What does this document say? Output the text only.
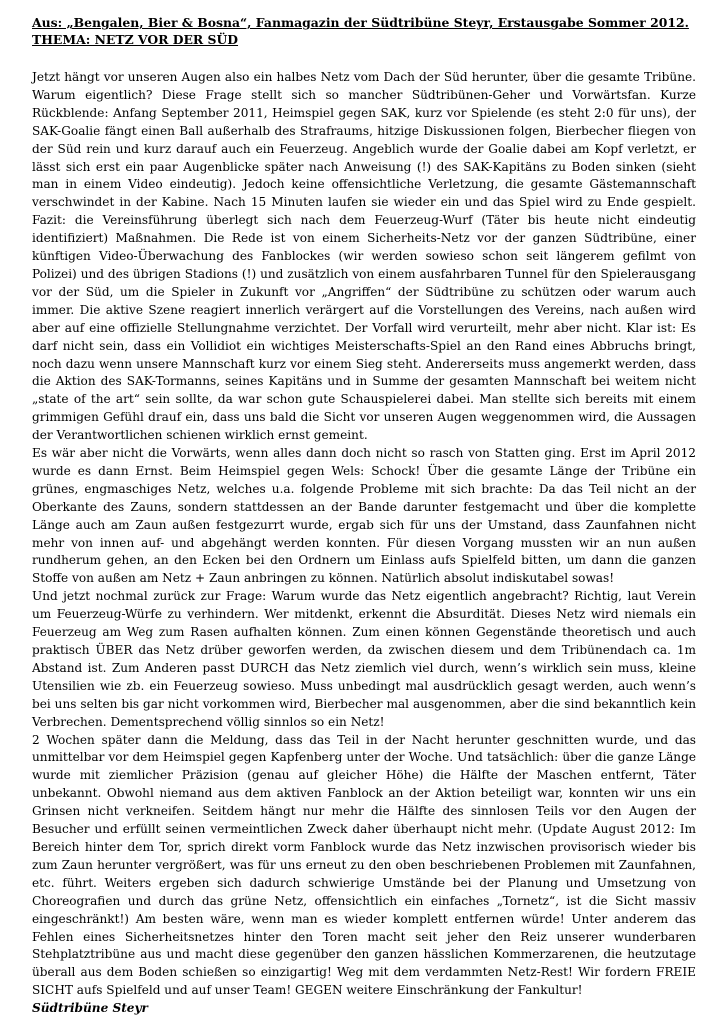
Aus: „Bengalen, Bier & Bosna“, Fanmagazin der Südtribüne Steyr, Erstausgabe Sommer 2012.

THEMA: NETZ VOR DER SÜD

Jetzt hängt vor unseren Augen also ein halbes Netz vom Dach der Süd herunter, über die gesamte Tribüne. Warum eigentlich? Diese Frage stellt sich so mancher Südtribünen-Geher und Vorwärtsfan. Kurze Rückblende: Anfang September 2011, Heimspiel gegen SAK, kurz vor Spielende (es steht 2:0 für uns), der SAK-Goalie fängt einen Ball außerhalb des Strafraums, hitzige Diskussionen folgen, Bierbecher fliegen von der Süd rein und kurz darauf auch ein Feuerzeug. Angeblich wurde der Goalie dabei am Kopf verletzt, er lässt sich erst ein paar Augenblicke später nach Anweisung (!) des SAK-Kapitäns zu Boden sinken (sieht man in einem Video eindeutig). Jedoch keine offensichtliche Verletzung, die gesamte Gästemannschaft verschwindet in der Kabine. Nach 15 Minuten laufen sie wieder ein und das Spiel wird zu Ende gespielt. Fazit: die Vereinsführung überlegt sich nach dem Feuerzeug-Wurf (Täter bis heute nicht eindeutig identifiziert) Maßnahmen. Die Rede ist von einem Sicherheits-Netz vor der ganzen Südtribüne, einer künftigen Video-Überwachung des Fanblockes (wir werden sowieso schon seit längerem gefilmt von Polizei) und des übrigen Stadions (!) und zusätzlich von einem ausfahrbaren Tunnel für den Spielerausgang vor der Süd, um die Spieler in Zukunft vor „Angriffen“ der Südtribüne zu schützen oder warum auch immer. Die aktive Szene reagiert innerlich verärgert auf die Vorstellungen des Vereins, nach außen wird aber auf eine offizielle Stellungnahme verzichtet. Der Vorfall wird verurteilt, mehr aber nicht. Klar ist: Es darf nicht sein, dass ein Vollidiot ein wichtiges Meisterschafts-Spiel an den Rand eines Abbruchs bringt, noch dazu wenn unsere Mannschaft kurz vor einem Sieg steht. Andererseits muss angemerkt werden, dass die Aktion des SAK-Tormanns, seines Kapitäns und in Summe der gesamten Mannschaft bei weitem nicht „state of the art“ sein sollte, da war schon gute Schauspielerei dabei. Man stellte sich bereits mit einem grimmigen Gefühl drauf ein, dass uns bald die Sicht vor unseren Augen weggenommen wird, die Aussagen der Verantwortlichen schienen wirklich ernst gemeint.

Es wär aber nicht die Vorwärts, wenn alles dann doch nicht so rasch von Statten ging. Erst im April 2012 wurde es dann Ernst. Beim Heimspiel gegen Wels: Schock! Über die gesamte Länge der Tribüne ein grünes, engmaschiges Netz, welches u.a. folgende Probleme mit sich brachte: Da das Teil nicht an der Oberkante des Zauns, sondern stattdessen an der Bande darunter festgemacht und über die komplette Länge auch am Zaun außen festgezurrt wurde, ergab sich für uns der Umstand, dass Zaunfahnen nicht mehr von innen auf- und abgehängt werden konnten. Für diesen Vorgang mussten wir an nun außen rundherum gehen, an den Ecken bei den Ordnern um Einlass aufs Spielfeld bitten, um dann die ganzen Stoffe von außen am Netz + Zaun anbringen zu können. Natürlich absolut indiskutabel sowas!

Und jetzt nochmal zurück zur Frage: Warum wurde das Netz eigentlich angebracht? Richtig, laut Verein um Feuerzeug-Würfe zu verhindern. Wer mitdenkt, erkennt die Absurdität. Dieses Netz wird niemals ein Feuerzeug am Weg zum Rasen aufhalten können. Zum einen können Gegenstände theoretisch und auch praktisch ÜBER das Netz drüber geworfen werden, da zwischen diesem und dem Tribünendach ca. 1m Abstand ist. Zum Anderen passt DURCH das Netz ziemlich viel durch, wenn’s wirklich sein muss, kleine Utensilien wie zb. ein Feuerzeug sowieso. Muss unbedingt mal ausdrücklich gesagt werden, auch wenn’s bei uns selten bis gar nicht vorkommen wird, Bierbecher mal ausgenommen, aber die sind bekanntlich kein Verbrechen. Dementsprechend völlig sinnlos so ein Netz!

2 Wochen später dann die Meldung, dass das Teil in der Nacht herunter geschnitten wurde, und das unmittelbar vor dem Heimspiel gegen Kapfenberg unter der Woche. Und tatsächlich: über die ganze Länge wurde mit ziemlicher Präzision (genau auf gleicher Höhe) die Hälfte der Maschen entfernt, Täter unbekannt. Obwohl niemand aus dem aktiven Fanblock an der Aktion beteiligt war, konnten wir uns ein Grinsen nicht verkneifen. Seitdem hängt nur mehr die Hälfte des sinnlosen Teils vor den Augen der Besucher und erfüllt seinen vermeintlichen Zweck daher überhaupt nicht mehr. (Update August 2012: Im Bereich hinter dem Tor, sprich direkt vorm Fanblock wurde das Netz inzwischen provisorisch wieder bis zum Zaun herunter vergrößert, was für uns erneut zu den oben beschriebenen Problemen mit Zaunfahnen, etc. führt. Weiters ergeben sich dadurch schwierige Umstände bei der Planung und Umsetzung von Choreografien und durch das grüne Netz, offensichtlich ein einfaches „Tornetz“, ist die Sicht massiv eingeschränkt!) Am besten wäre, wenn man es wieder komplett entfernen würde! Unter anderem das Fehlen eines Sicherheitsnetzes hinter den Toren macht seit jeher den Reiz unserer wunderbaren Stehplatztribüne aus und macht diese gegenüber den ganzen hässlichen Kommerzarenen, die heutzutage überall aus dem Boden schießen so einzigartig! Weg mit dem verdammten Netz-Rest! Wir fordern FREIE SICHT aufs Spielfeld und auf unser Team! GEGEN weitere Einschränkung der Fankultur!

Südtribüne Steyr
